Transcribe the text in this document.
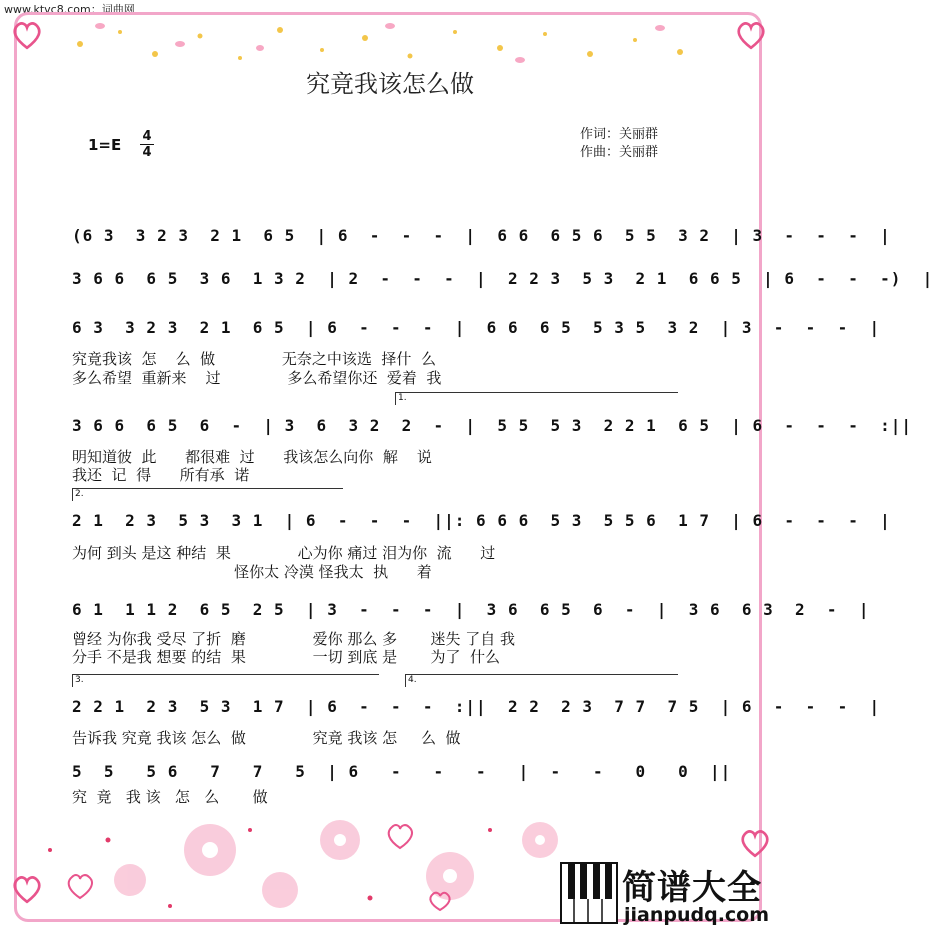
www.ktvc8.com：词曲网
究竟我该怎么做
1=E 4
4
作词：关丽群
作曲：关丽群
(6 3  3 2 3  2 1  6 5  | 6  -  -  -  |  6 6  6 5 6  5 5  3 2  | 3  -  -  -  |
3 6 6  6 5  3 6  1 3 2  | 2  -  -  -  |  2 2 3  5 3  2 1  6 6 5  | 6  -  -  -)  |
6 3  3 2 3  2 1  6 5  | 6  -  -  -  |  6 6  6 5  5 3 5  3 2  | 3  -  -  -  |
究竟我该  怎    么  做              无奈之中该选  择什  么
多么希望  重新来    过              多么希望你还  爱着  我
1.
3 6 6  6 5  6  -  | 3  6  3 2  2  -  |  5 5  5 3  2 2 1  6 5  | 6  -  -  -  :||
明知道彼  此      都很难  过      我该怎么向你  解    说
我还  记  得      所有承  诺
2.
2 1  2 3  5 3  3 1  | 6  -  -  -  ||: 6 6 6  5 3  5 5 6  1 7  | 6  -  -  -  |
为何 到头 是这 种结  果              心为你 痛过 泪为你  流      过
怪你太 冷漠 怪我太  执      着
6 1  1 1 2  6 5  2 5  | 3  -  -  -  |  3 6  6 5  6  -  |  3 6  6 3  2  -  |
曾经 为你我 受尽 了折  磨              爱你 那么 多       迷失 了自 我
分手 不是我 想要 的结  果              一切 到底 是       为了  什么
3.	4.
2 2 1  2 3  5 3  1 7  | 6  -  -  -  :||  2 2  2 3  7 7  7 5  | 6  -  -  -  |
告诉我 究竟 我该 怎么  做              究竟 我该 怎     么  做
5  5   5 6   7   7   5  | 6   -   -   -   |  -   -   0   0  ||
究  竟   我 该   怎   么       做
简谱大全
jianpudq.com
